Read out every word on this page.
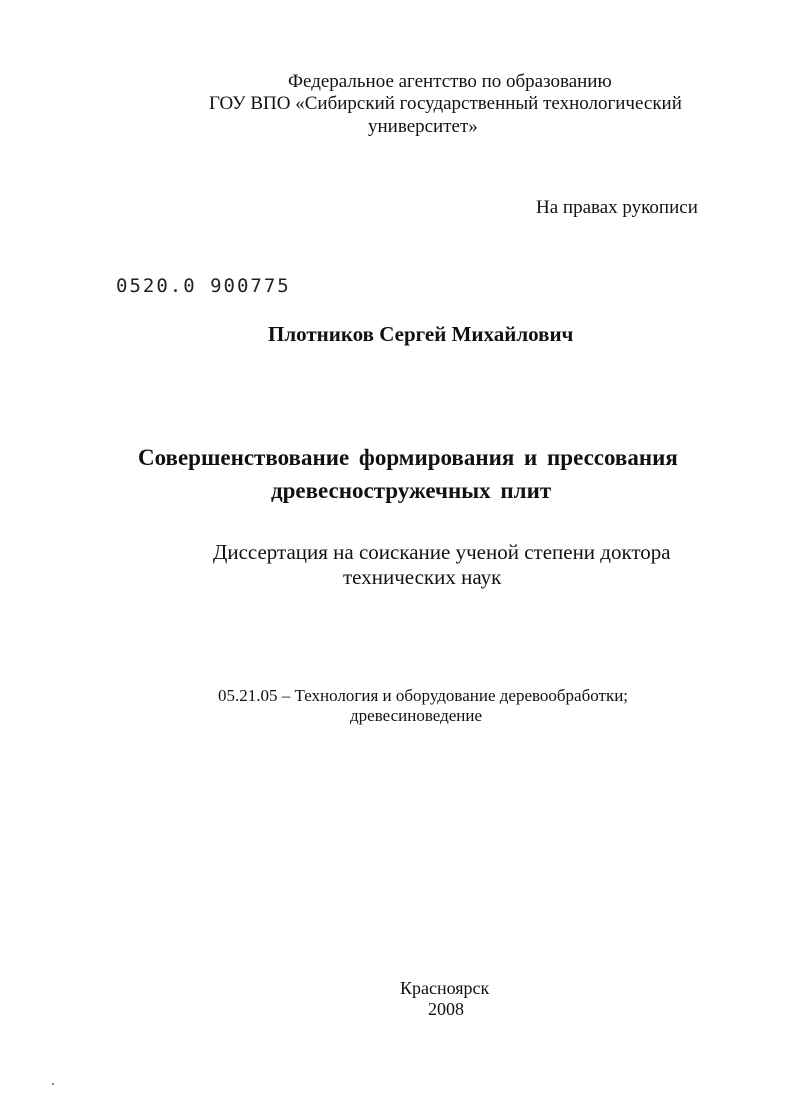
Федеральное агентство по образованию
ГОУ ВПО «Сибирский государственный технологический
университет»
На правах рукописи
0520.0 900775
Плотников Сергей Михайлович
Совершенствование формирования и прессования
древесностружечных плит
Диссертация на соискание ученой степени доктора
технических наук
05.21.05 – Технология и оборудование деревообработки;
древесиноведение
Красноярск
2008
